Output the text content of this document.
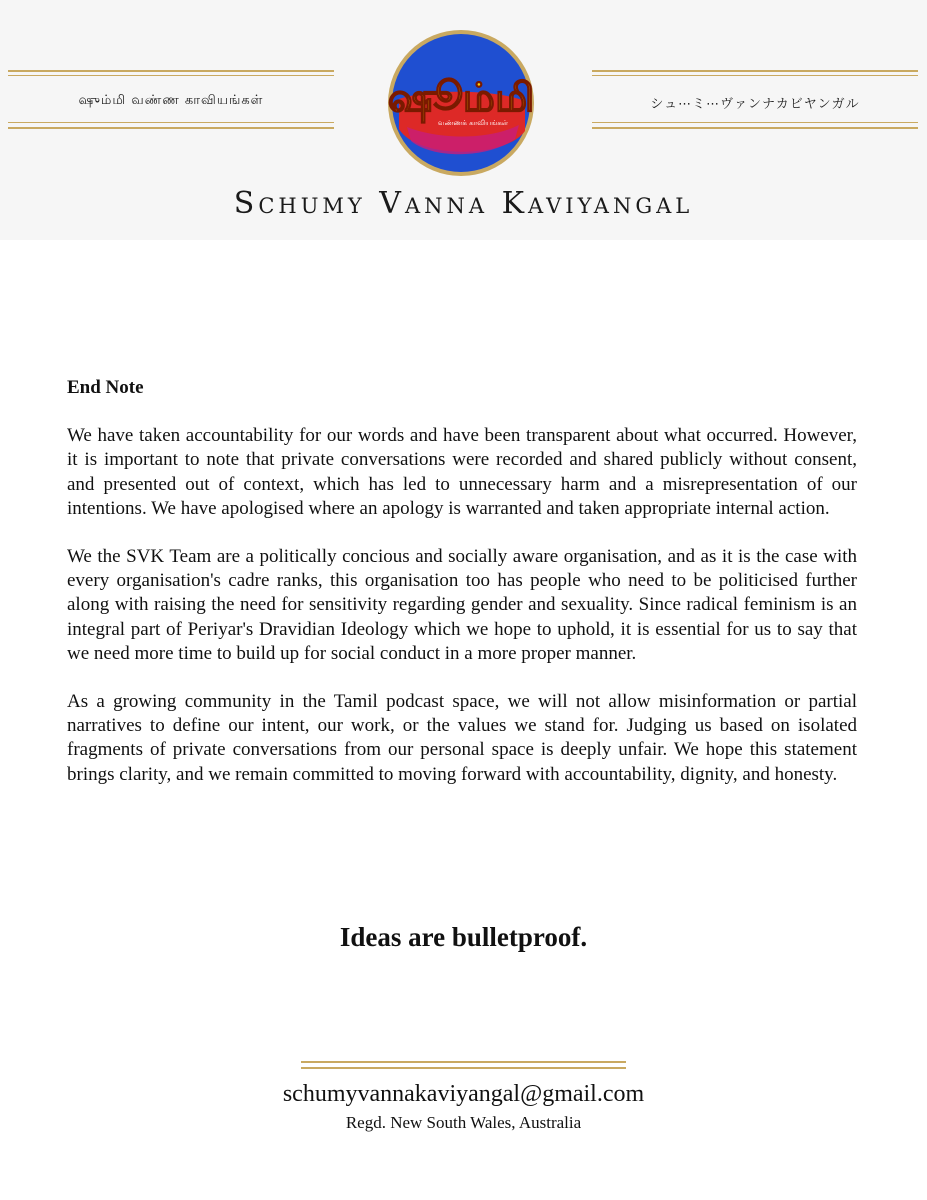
ஷும்மி வண்ண காவியங்கள்	ஷூம்மி
வண்ணக் காவியங்கள்
シュ⋯ミ⋯ヴァンナカビヤンガル
Schumy Vanna Kaviyangal

End Note

We have taken accountability for our words and have been transparent about what occurred. However, it is important to note that private conversations were recorded and shared publicly without consent, and presented out of context, which has led to unnecessary harm and a misrepresentation of our intentions. We have apologised where an apology is warranted and taken appropriate internal action.

We the SVK Team are a politically concious and socially aware organisation, and as it is the case with every organisation's cadre ranks, this organisation too has people who need to be politicised further along with raising the need for sensitivity regarding gender and sexuality. Since radical feminism is an integral part of Periyar's Dravidian Ideology which we hope to uphold, it is essential for us to say that we need more time to build up for social conduct in a more proper manner.

As a growing community in the Tamil podcast space, we will not allow misinformation or partial narratives to define our intent, our work, or the values we stand for. Judging us based on isolated fragments of private conversations from our personal space is deeply unfair. We hope this statement brings clarity, and we remain committed to moving forward with accountability, dignity, and honesty.

Ideas are bulletproof.
schumyvannakaviyangal@gmail.com
Regd. New South Wales, Australia
